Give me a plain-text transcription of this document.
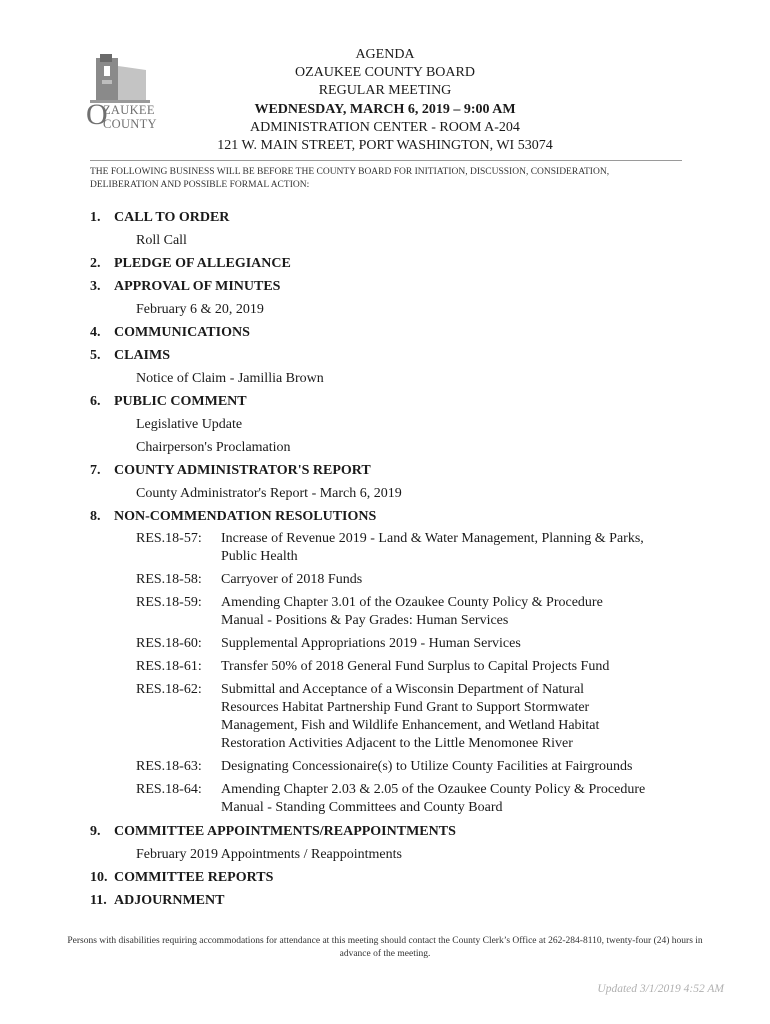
O
ZAUKEE
COUNTY
AGENDA
OZAUKEE COUNTY BOARD
REGULAR MEETING
WEDNESDAY, MARCH 6, 2019 – 9:00 AM
ADMINISTRATION CENTER - ROOM A-204
121 W. MAIN STREET, PORT WASHINGTON, WI 53074
THE FOLLOWING BUSINESS WILL BE BEFORE THE COUNTY BOARD FOR INITIATION, DISCUSSION, CONSIDERATION, DELIBERATION AND POSSIBLE FORMAL ACTION:
1. CALL TO ORDER
Roll Call
2. PLEDGE OF ALLEGIANCE
3. APPROVAL OF MINUTES
February 6 & 20, 2019
4. COMMUNICATIONS
5. CLAIMS
Notice of Claim - Jamillia Brown
6. PUBLIC COMMENT
Legislative Update
Chairperson's Proclamation
7. COUNTY ADMINISTRATOR'S REPORT
County Administrator's Report - March 6, 2019
8. NON-COMMENDATION RESOLUTIONS
RES.18-57:	Increase of Revenue 2019 - Land & Water Management, Planning & Parks,
Public Health
RES.18-58:	Carryover of 2018 Funds
RES.18-59:	Amending Chapter 3.01 of the Ozaukee County Policy & Procedure
Manual - Positions & Pay Grades: Human Services
RES.18-60:	Supplemental Appropriations 2019 - Human Services
RES.18-61:	Transfer 50% of 2018 General Fund Surplus to Capital Projects Fund
RES.18-62:	Submittal and Acceptance of a Wisconsin Department of Natural
Resources Habitat Partnership Fund Grant to Support Stormwater
Management, Fish and Wildlife Enhancement, and Wetland Habitat
Restoration Activities Adjacent to the Little Menomonee River
RES.18-63:	Designating Concessionaire(s) to Utilize County Facilities at Fairgrounds
RES.18-64:	Amending Chapter 2.03 & 2.05 of the Ozaukee County Policy & Procedure
Manual - Standing Committees and County Board
9. COMMITTEE APPOINTMENTS/REAPPOINTMENTS
February 2019 Appointments / Reappointments
10. COMMITTEE REPORTS
11. ADJOURNMENT
Persons with disabilities requiring accommodations for attendance at this meeting should contact the County Clerk’s Office at 262-284-8110, twenty-four (24) hours in
advance of the meeting.
Updated 3/1/2019 4:52 AM
